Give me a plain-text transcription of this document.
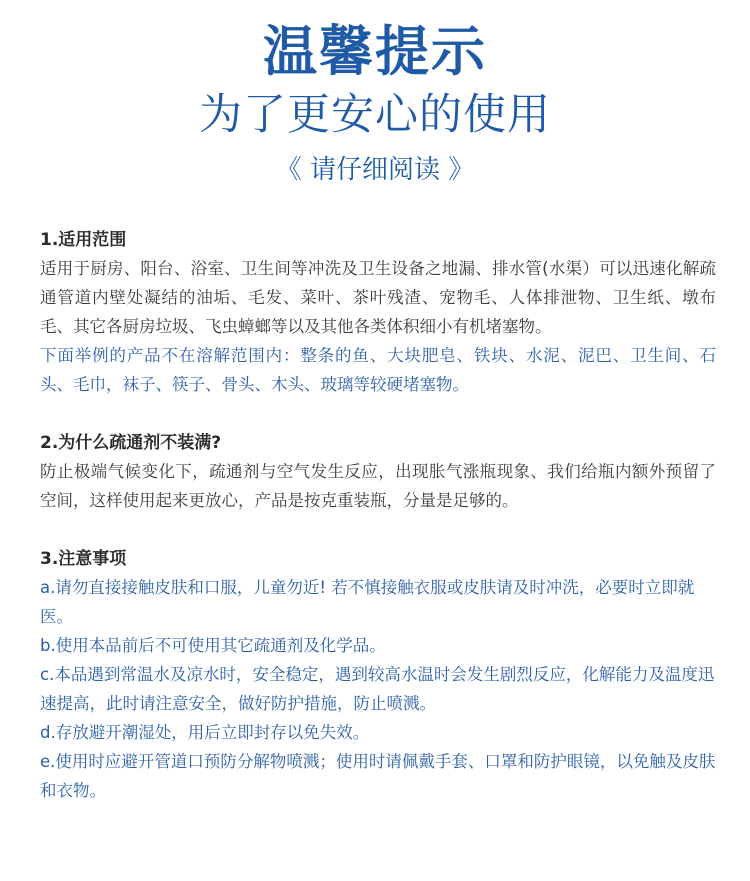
温馨提示
为了更安心的使用
《 请仔细阅读 》
1.适用范围

适用于厨房、阳台、浴室、卫生间等冲洗及卫生设备之地漏、排水管(水渠）可以迅速化解疏通管道内壁处凝结的油垢、毛发、菜叶、茶叶残渣、宠物毛、人体排泄物、卫生纸、墩布毛、其它各厨房垃圾、飞虫蟑螂等以及其他各类体积细小有机堵塞物。

下面举例的产品不在溶解范围内：整条的鱼、大块肥皂、铁块、水泥、泥巴、卫生间、石头、毛巾，袜子、筷子、骨头、木头、玻璃等较硬堵塞物。

2.为什么疏通剂不装满?

防止极端气候变化下，疏通剂与空气发生反应，出现胀气涨瓶现象、我们给瓶内额外预留了空间，这样使用起来更放心，产品是按克重装瓶，分量是足够的。

3.注意事项

a.请勿直接接触皮肤和口服，儿童勿近! 若不慎接触衣服或皮肤请及时冲洗，必要时立即就医。

b.使用本品前后不可使用其它疏通剂及化学品。

c.本品遇到常温水及凉水时，安全稳定，遇到较高水温时会发生剧烈反应，化解能力及温度迅速提高，此时请注意安全，做好防护措施，防止喷溅。

d.存放避开潮湿处，用后立即封存以免失效。

e.使用时应避开管道口预防分解物喷溅；使用时请佩戴手套、口罩和防护眼镜，以免触及皮肤和衣物。
